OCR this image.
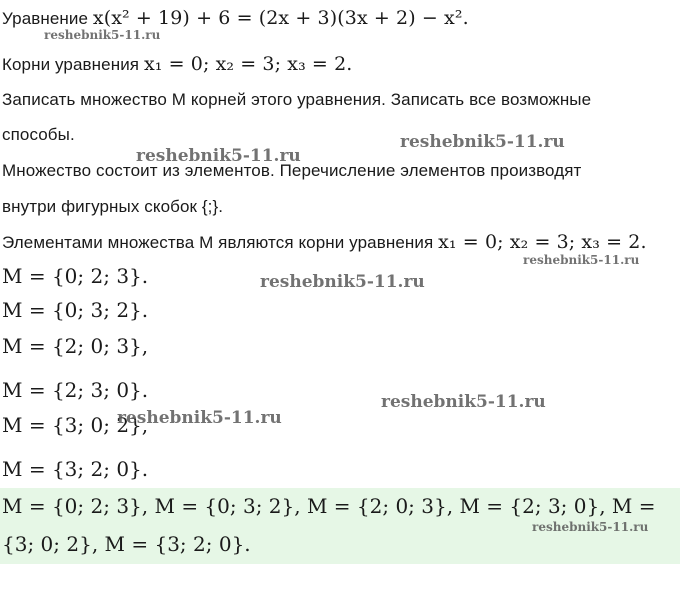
Уравнение x(x² + 19) + 6 = (2x + 3)(3x + 2) − x².
reshebnik5-11.ru
Корни уравнения x₁ = 0; x₂ = 3; x₃ = 2.
Записать множество M корней этого уравнения. Записать все возможные
способы.	reshebnik5-11.ru
reshebnik5-11.ru
Множество состоит из элементов. Перечисление элементов производят
внутри фигурных скобок {;}.
Элементами множества M являются корни уравнения x₁ = 0; x₂ = 3; x₃ = 2.
reshebnik5-11.ru
M = {0; 2; 3}.	reshebnik5-11.ru
M = {0; 3; 2}.
M = {2; 0; 3},
M = {2; 3; 0}.	reshebnik5-11.ru
M = {3; 0; 2},
reshebnik5-11.ru
M = {3; 2; 0}.
M = {0; 2; 3}, M = {0; 3; 2}, M = {2; 0; 3}, M = {2; 3; 0}, M =
reshebnik5-11.ru
{3; 0; 2}, M = {3; 2; 0}.
